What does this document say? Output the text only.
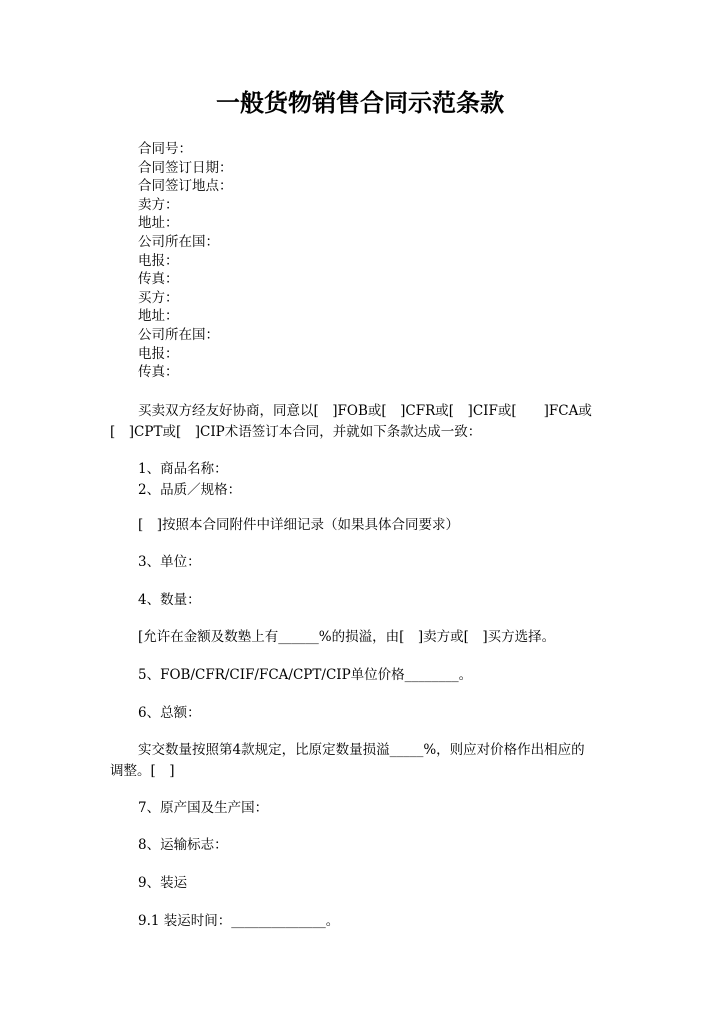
一般货物销售合同示范条款
合同号：
合同签订日期：
合同签订地点：
卖方：
地址：
公司所在国：
电报：
传真：
买方：
地址：
公司所在国：
电报：
传真：
买卖双方经友好协商，同意以[　]FOB或[　]CFR或[　]CIF或[　　]FCA或
[　]CPT或[　]CIP术语签订本合同，并就如下条款达成一致：
1、商品名称：
2、品质／规格：
[　]按照本合同附件中详细记录（如果具体合同要求）
3、单位：
4、数量：
[允许在金额及数塾上有______%的损溢，由[　]卖方或[　]买方选择。
5、FOB/CFR/CIF/FCA/CPT/CIP单位价格________。
6、总额：
实交数量按照第4款规定，比原定数量损溢_____%，则应对价格作出相应的
调整。[　]
7、原产国及生产国：
8、运输标志：
9、装运
9.1 装运时间：______________。
